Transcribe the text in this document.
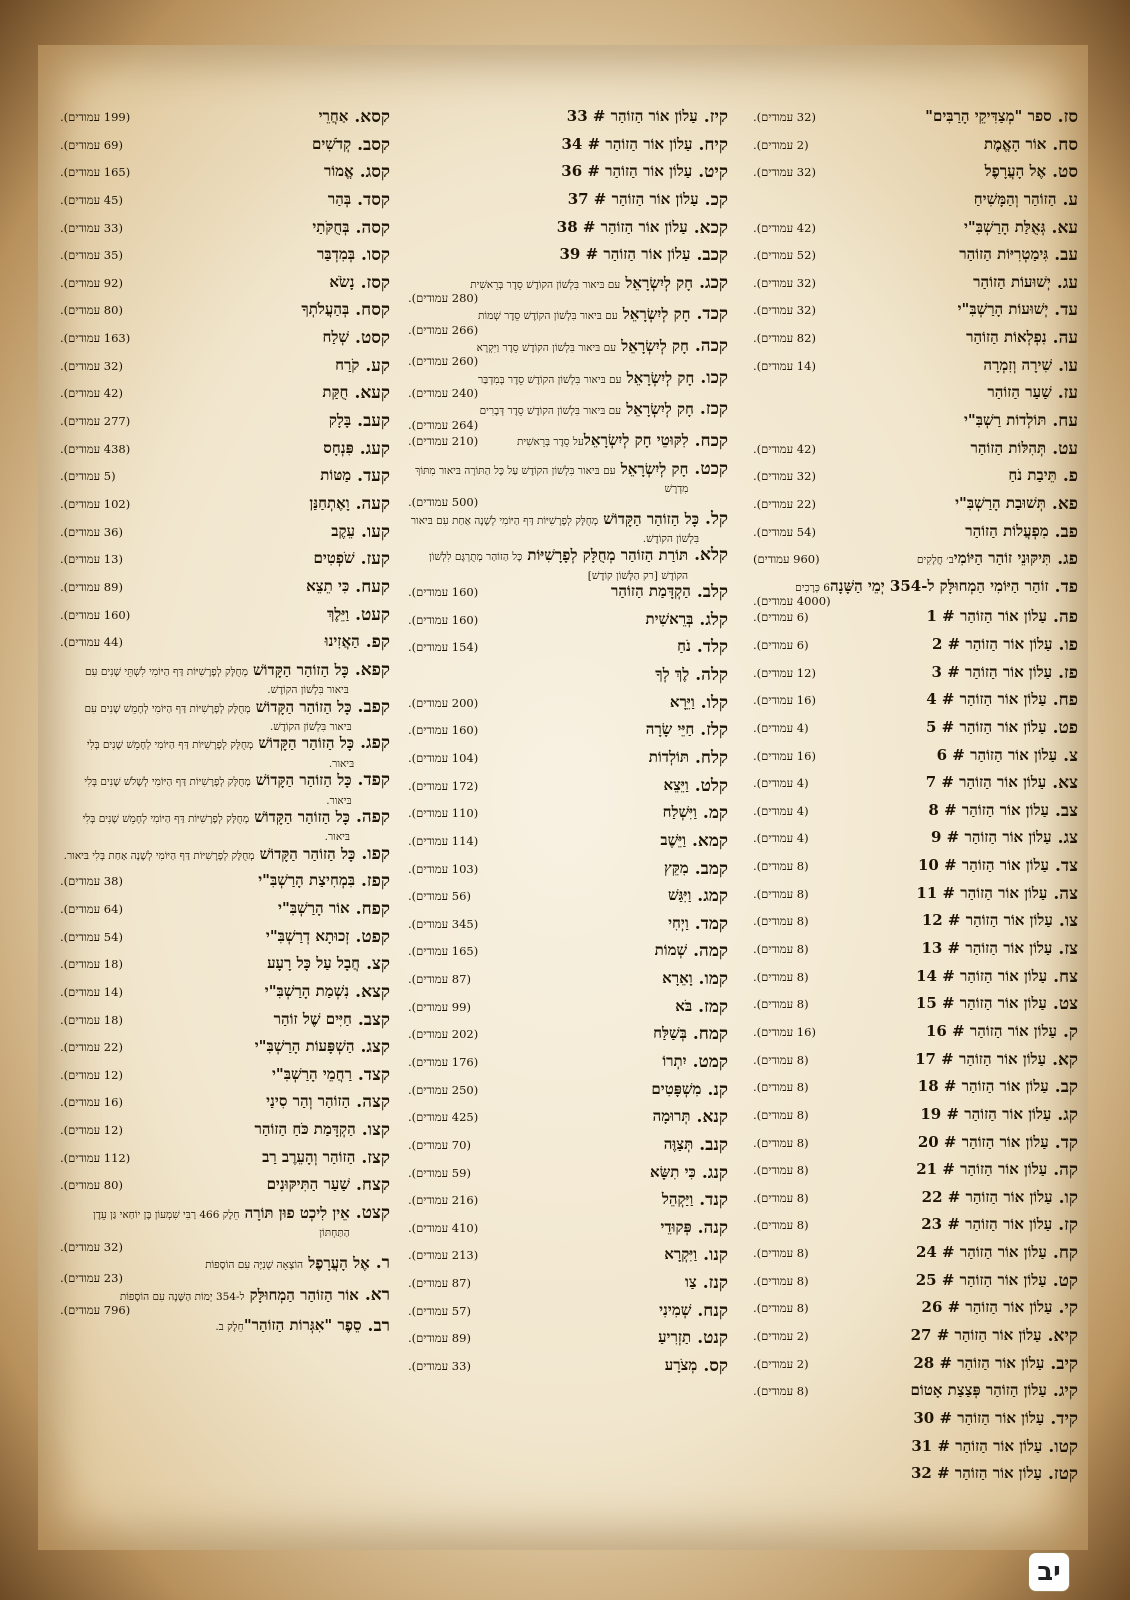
סז.
ספר "מְצַדִּיקֵי הָרַבִּים"
(32 עמודים).
סח.
אוֹר הָאֱמֶת
(2 עמודים).
סט.
אֶל הָעֲרָפֶל
(32 עמודים).
ע.
הַזוֹהַר וְהַמָּשִׁיחַ
עא.
גְּאֻלַּת הָרַשְׁבִּ"י
(42 עמודים).
עב.
גִּימַטְרִיּוֹת הַזוֹהַר
(52 עמודים).
עג.
יְשׁוּעוֹת הַזוֹהַר
(32 עמודים).
עד.
יְשׁוּעוֹת הָרַשְׁבִּ"י
(32 עמודים).
עה.
נִפְלְאוֹת הַזוֹהַר
(82 עמודים).
עו.
שִׁירָה וְזִמְרָה
(14 עמודים).
עז.
שַׁעַר הַזוֹהַר
עח.
תּוֹלְדוֹת רַשְׁבִּ"י
עט.
תְּהִלּוֹת הַזוֹהַר
(42 עמודים).
פ.
תֵּיבַת נֹחַ
(32 עמודים).
פא.
תְּשׁוּבַת הָרַשְׁבִּ"י
(22 עמודים).
פב.
מִפְעֲלוֹת הַזוֹהַר
(54 עמודים).
פג.
תִּיקּוּנֵי זוֹהַר הַיּוֹמִי
ב׳ חֲלָקִים
(960 עמודים)
פד.
זוֹהַר הַיּוֹמִי הַמְחוּלָּק ל-354 יְמֵי הַשָּׁנָה
6 כְּרָכִים
(4000 עמודים).
פה.
עַלוֹן אוֹר הַזוֹהַר # 1
(6 עמודים).
פו.
עַלוֹן אוֹר הַזוֹהַר # 2
(6 עמודים).
פז.
עַלוֹן אוֹר הַזוֹהַר # 3
(12 עמודים).
פח.
עַלוֹן אוֹר הַזוֹהַר # 4
(16 עמודים).
פט.
עַלוֹן אוֹר הַזוֹהַר # 5
(4 עמודים).
צ.
עַלוֹן אוֹר הַזוֹהַר # 6
(16 עמודים).
צא.
עַלוֹן אוֹר הַזוֹהַר # 7
(4 עמודים).
צב.
עַלוֹן אוֹר הַזוֹהַר # 8
(4 עמודים).
צג.
עַלוֹן אוֹר הַזוֹהַר # 9
(4 עמודים).
צד.
עַלוֹן אוֹר הַזוֹהַר # 10
(8 עמודים).
צה.
עַלוֹן אוֹר הַזוֹהַר # 11
(8 עמודים).
צו.
עַלוֹן אוֹר הַזוֹהַר # 12
(8 עמודים).
צז.
עַלוֹן אוֹר הַזוֹהַר # 13
(8 עמודים).
צח.
עַלוֹן אוֹר הַזוֹהַר # 14
(8 עמודים).
צט.
עַלוֹן אוֹר הַזוֹהַר # 15
(8 עמודים).
ק.
עַלוֹן אוֹר הַזוֹהַר # 16
(16 עמודים).
קא.
עַלוֹן אוֹר הַזוֹהַר # 17
(8 עמודים).
קב.
עַלוֹן אוֹר הַזוֹהַר # 18
(8 עמודים).
קג.
עַלוֹן אוֹר הַזוֹהַר # 19
(8 עמודים).
קד.
עַלוֹן אוֹר הַזוֹהַר # 20
(8 עמודים).
קה.
עַלוֹן אוֹר הַזוֹהַר # 21
(8 עמודים).
קו.
עַלוֹן אוֹר הַזוֹהַר # 22
(8 עמודים).
קז.
עַלוֹן אוֹר הַזוֹהַר # 23
(8 עמודים).
קח.
עַלוֹן אוֹר הַזוֹהַר # 24
(8 עמודים).
קט.
עַלוֹן אוֹר הַזוֹהַר # 25
(8 עמודים).
קי.
עַלוֹן אוֹר הַזוֹהַר # 26
(8 עמודים).
קיא.
עַלוֹן אוֹר הַזוֹהַר # 27
(2 עמודים).
קיב.
עַלוֹן אוֹר הַזוֹהַר # 28
(2 עמודים).
קיג.
עַלוֹן הַזוֹהַר פְּצַצַת אָטוֹם
(8 עמודים).
קיד.
עַלוֹן אוֹר הַזוֹהַר # 30
קטו.
עַלוֹן אוֹר הַזוֹהַר # 31
קטז.
עַלוֹן אוֹר הַזוֹהַר # 32
קיז.
עַלוֹן אוֹר הַזוֹהַר # 33
קיח.
עַלוֹן אוֹר הַזוֹהַר # 34
קיט.
עַלוֹן אוֹר הַזוֹהַר # 36
קכ.
עַלוֹן אוֹר הַזוֹהַר # 37
קכא.
עַלוֹן אוֹר הַזוֹהַר # 38
קכב.
עַלוֹן אוֹר הַזוֹהַר # 39
קכג.
חָק לְיִשְׂרָאֵל עם בּיאור בִּלְשׁוֹן הקוֹדֶשׁ סֵדֶר בְּרֵאשִׁית
(280 עמודים).
קכד.
חָק לְיִשְׂרָאֵל עם בּיאור בִּלְשׁוֹן הקוֹדֶשׁ סֵדֶר שְׁמוֹת
(266 עמודים).
קכה.
חָק לְיִשְׂרָאֵל עם בּיאור בִּלְשׁוֹן הקוֹדֶשׁ סֵדֶר וַיִּקְרָא
(260 עמודים).
קכו.
חָק לְיִשְׂרָאֵל עם בּיאור בִּלְשׁוֹן הקוֹדֶשׁ סֵדֶר בְּמִדְבַּר
(240 עמודים).
קכז.
חָק לְיִשְׂרָאֵל עם בּיאור בִּלְשׁוֹן הקוֹדֶשׁ סֵדֶר דְּבָרִים
(264 עמודים).
קכח.
לִקּוּטֵי חָק לְיִשְׂרָאֵל
על סֵדֶר בְּרֵאשִׁית
(210 עמודים).
קכט.
חָק לְיִשְׂרָאֵל עם בּיאור בִּלְשׁוֹן הקוֹדֶשׁ עַל כָּל הַתּוֹרָה בּיאור מִתּוֹךְ מִדְרָשׁ
(500 עמודים).
קל.
כָּל הַזוֹהַר הַקָּדוֹשׁ מְחֻלָּק לְפָרָשִׁיּוֹת דַּף הַיּוֹמִי לְשָׁנָה אַחַת עִם בּיאור בִּלְשׁוֹן הקוֹדֶשׁ.
קלא.
תּוֹרַת הַזוֹהַר מְחֻלָּק לְפָרָשִׁיּוֹת כָּל הַזוֹהַר מְתֻרְגָּם לִלְשׁוֹן הקוֹדֶשׁ [רק הַלָּשׁוֹן קוֹדֶשׁ]
קלב.
הַקְדָּמַת הַזוֹהַר
(160 עמודים).
קלג.
בְּרֵאשִׁית
(160 עמודים).
קלד.
נֹחַ
(154 עמודים).
קלה.
לֶךְ לְךָ
קלו.
וַיֵּרָא
(200 עמודים).
קלז.
חַיֵּי שָׂרָה
(160 עמודים).
קלח.
תּוֹלְדוֹת
(104 עמודים).
קלט.
וַיֵּצֵא
(172 עמודים).
קמ.
וַיִּשְׁלַח
(110 עמודים).
קמא.
וַיֵּשֶׁב
(114 עמודים).
קמב.
מִקֵּץ
(103 עמודים).
קמג.
וַיִּגַּשׁ
(56 עמודים).
קמד.
וַיְחִי
(345 עמודים).
קמה.
שְׁמוֹת
(165 עמודים).
קמו.
וָאֵרָא
(87 עמודים).
קמז.
בֹּא
(99 עמודים).
קמח.
בְּשַׁלַּח
(202 עמודים).
קמט.
יִתְרוֹ
(176 עמודים).
קנ.
מִשְׁפָּטִים
(250 עמודים).
קנא.
תְּרוּמָה
(425 עמודים).
קנב.
תְּצַוֶּה
(70 עמודים).
קנג.
כִּי תִשָּׂא
(59 עמודים).
קנד.
וַיַּקְהֵל
(216 עמודים).
קנה.
פְּקוּדֵי
(410 עמודים).
קנו.
וַיִּקְרָא
(213 עמודים).
קנז.
צַו
(87 עמודים).
קנח.
שְׁמִינִי
(57 עמודים).
קנט.
תַזְרִיעַ
(89 עמודים).
קס.
מְצֹרָע
(33 עמודים).
קסא.
אַחֲרֵי
(199 עמודים).
קסב.
קְדֹשִׁים
(69 עמודים).
קסג.
אֱמוֹר
(165 עמודים).
קסד.
בְּהַר
(45 עמודים).
קסה.
בְּחֻקֹּתַי
(33 עמודים).
קסו.
בְּמִדְבַּר
(35 עמודים).
קסז.
נָשֹׂא
(92 עמודים).
קסח.
בְּהַעֲלֹתְךָ
(80 עמודים).
קסט.
שְׁלַח
(163 עמודים).
קע.
קֹרַח
(32 עמודים).
קעא.
חֻקַּת
(42 עמודים).
קעב.
בָּלָק
(277 עמודים).
קעג.
פִּנְחָס
(438 עמודים).
קעד.
מַטּוֹת
(5 עמודים).
קעה.
וָאֶתְחַנַּן
(102 עמודים).
קעו.
עֵקֶב
(36 עמודים).
קעז.
שֹׁפְטִים
(13 עמודים).
קעח.
כִּי תֵצֵא
(89 עמודים).
קעט.
וַיֵּלֶךְ
(160 עמודים).
קפ.
הַאֲזִינוּ
(44 עמודים).
קפא.
כָּל הַזוֹהַר הַקָּדוֹשׁ מְחֻלָּק לְפָרָשִׁיּוֹת דַּף הַיּוֹמִי לִשְׁתֵּי שָׁנִים עִם בּיאור בִּלְשׁוֹן הקוֹדֶשׁ.
קפב.
כָּל הַזוֹהַר הַקָּדוֹשׁ מְחֻלָּק לְפָרָשִׁיּוֹת דַּף הַיּוֹמִי לְחָמֵשׁ שָׁנִים עִם בּיאור בִּלְשׁוֹן הקוֹדֶשׁ.
קפג.
כָּל הַזוֹהַר הַקָּדוֹשׁ מְחֻלָּק לְפָרָשִׁיּוֹת דַּף הַיּוֹמִי לְחָמֵשׁ שָׁנִים בְּלִי בּיאור.
קפד.
כָּל הַזוֹהַר הַקָּדוֹשׁ מְחֻלָּק לְפָרָשִׁיּוֹת דַּף הַיּוֹמִי לְשָׁלֹשׁ שָׁנִים בְּלִי בּיאור.
קפה.
כָּל הַזוֹהַר הַקָּדוֹשׁ מְחֻלָּק לְפָרָשִׁיּוֹת דַּף הַיּוֹמִי לְחָמֵשׁ שָׁנִים בְּלִי בּיאור.
קפו.
כָּל הַזוֹהַר הַקָּדוֹשׁ מְחֻלָּק לְפָרָשִׁיּוֹת דַּף הַיּוֹמִי לְשָׁנָה אַחַת בְּלִי בּיאור.
קפז.
בִּמְחִיצַת הָרַשְׁבִּ"י
(38 עמודים).
קפח.
אוֹר הָרַשְׁבִּ"י
(64 עמודים).
קפט.
זְכוּתָא דְרַשְׁבִּ"י
(54 עמודים).
קצ.
חֲבָל עַל כָּל רָעָע
(18 עמודים).
קצא.
נִשְׁמַת הָרַשְׁבִּ"י
(14 עמודים).
קצב.
חַיִּים שֶׁל זוֹהַר
(18 עמודים).
קצג.
הַשְׁפָּעוֹת הָרַשְׁבִּ"י
(22 עמודים).
קצד.
רַחֲמֵי הָרַשְׁבִּ"י
(12 עמודים).
קצה.
הַזוֹהַר וְהַר סִינַי
(16 עמודים).
קצו.
הַקְדָּמַת כֹּחַ הַזוֹהַר
(12 עמודים).
קצז.
הַזוֹהַר וְהָעֵרֶב רַב
(112 עמודים).
קצח.
שַׁעַר הַתִּיקּוּנִים
(80 עמודים).
קצט.
אֵין לִיכְט פוּן תּוֹרָה חֵלֶק 466 רַבִּי שִׁמְעוֹן בֶּן יוֹחַאי גַּן עֵדֶן הַתַּחְתּוֹן
(32 עמודים).
ר.
אֶל הָעֲרָפֶל הוֹצָאָה שְׁנִיָּה עִם הוֹסָפוֹת
(23 עמודים).
רא.
אוֹר הַזוֹהַר הַמְחוּלָּק ל-354 יְמוֹת הַשָּׁנָה עִם הוֹסָפוֹת
(796 עמודים).
רב.
סֵפֶר "אִגְּרוֹת הַזוֹהַר"
חֵלֶק ב.
יב
